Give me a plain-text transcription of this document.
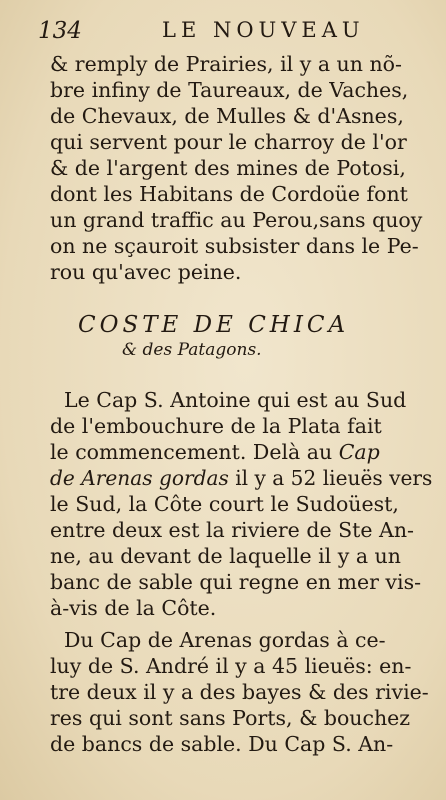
134	LE NOUVEAU
& remply de Prairies, il y a un nõ-
bre infiny de Taureaux, de Vaches,
de Chevaux, de Mulles & d'Asnes,
qui servent pour le charroy de l'or
& de l'argent des mines de Potosi,
dont les Habitans de Cordoüe font
un grand traffic au Perou,sans quoy
on ne sçauroit subsister dans le Pe-
rou qu'avec peine.
COSTE DE CHICA
& des Patagons.
Le Cap S. Antoine qui est au Sud
de l'embouchure de la Plata fait
le commencement. Delà au Cap
de Arenas gordas il y a 52 lieuës vers
le Sud, la Côte court le Sudoüest,
entre deux est la riviere de Ste An-
ne, au devant de laquelle il y a un
banc de sable qui regne en mer vis-
à-vis de la Côte.
Du Cap de Arenas gordas à ce-
luy de S. André il y a 45 lieuës: en-
tre deux il y a des bayes & des rivie-
res qui sont sans Ports, & bouchez
de bancs de sable. Du Cap S. An-
